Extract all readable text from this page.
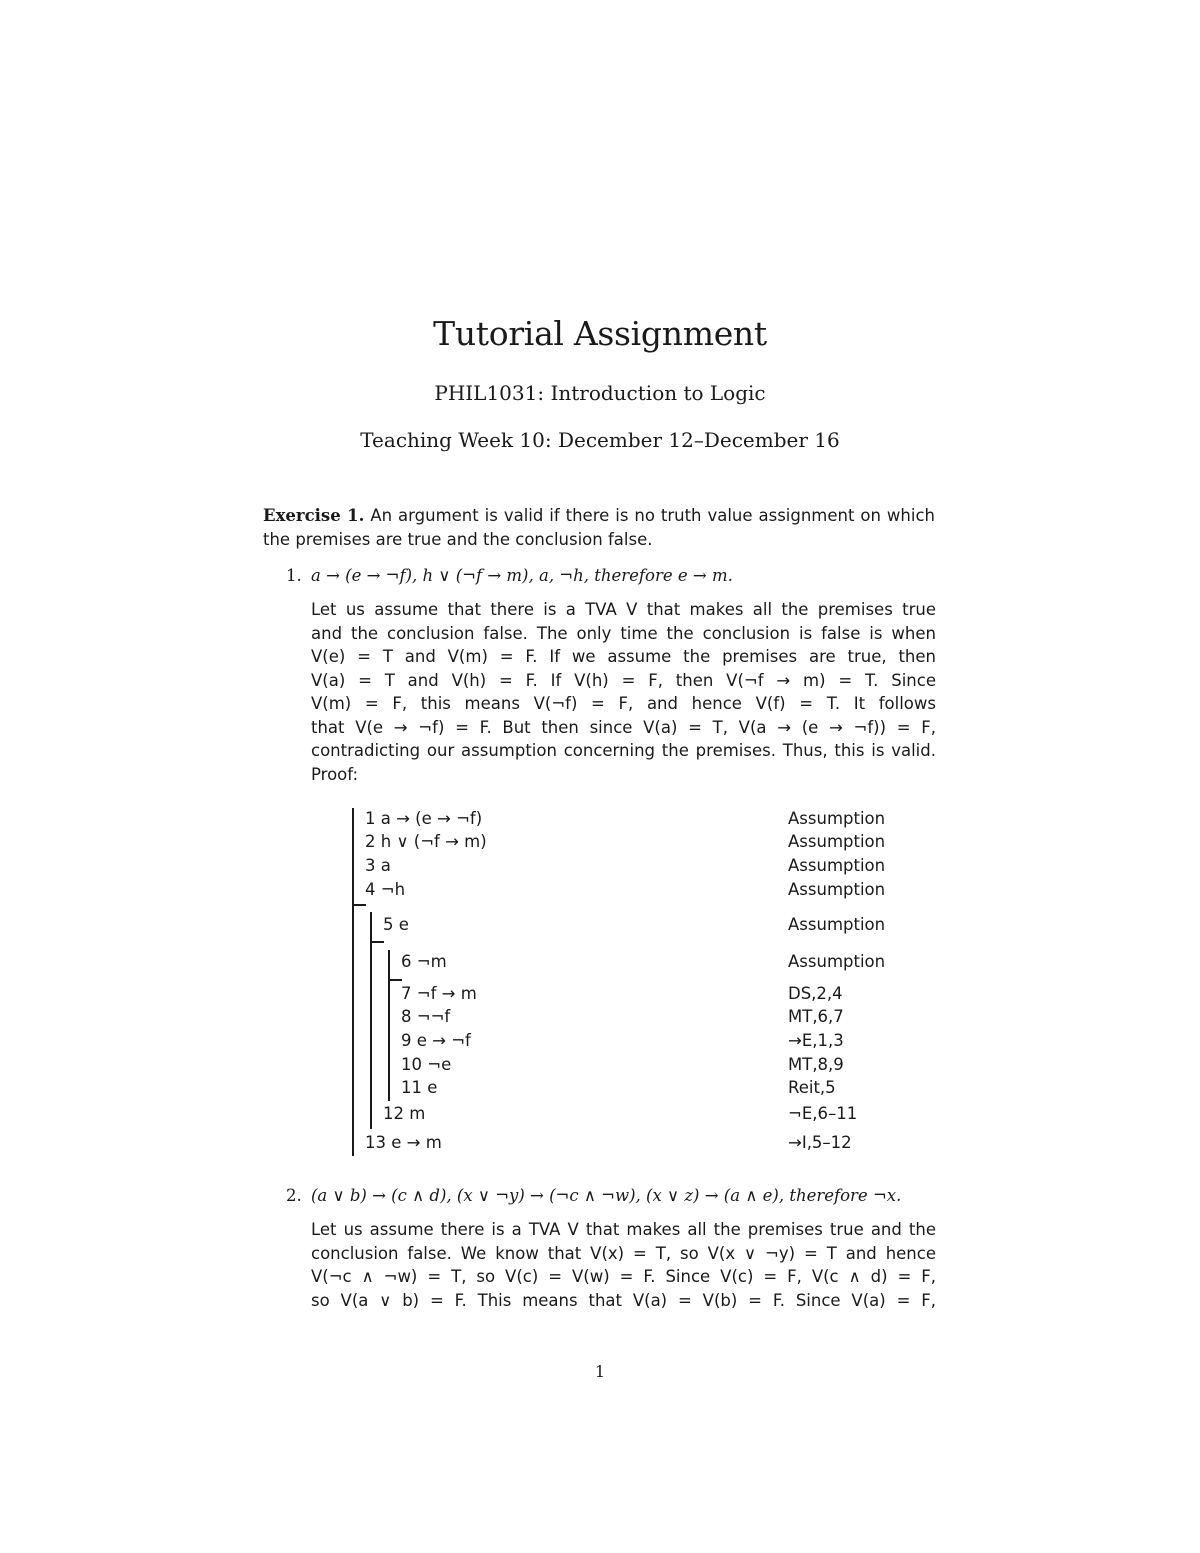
Tutorial Assignment
PHIL1031: Introduction to Logic
Teaching Week 10: December 12–December 16
Exercise 1. An argument is valid if there is no truth value assignment on which
the premises are true and the conclusion false.
1. a → (e → ¬f), h ∨ (¬f → m), a, ¬h, therefore e → m.
Let us assume that there is a TVA V that makes all the premises true
and the conclusion false. The only time the conclusion is false is when
V(e) = T and V(m) = F. If we assume the premises are true, then
V(a) = T and V(h) = F. If V(h) = F, then V(¬f → m) = T. Since
V(m) = F, this means V(¬f) = F, and hence V(f) = T. It follows
that V(e → ¬f) = F. But then since V(a) = T, V(a → (e → ¬f)) = F,
contradicting our assumption concerning the premises. Thus, this is valid.
Proof:
1 a → (e → ¬f)	Assumption
2 h ∨ (¬f → m)	Assumption
3 a	Assumption
4 ¬h	Assumption
5 e	Assumption
6 ¬m	Assumption
7 ¬f → m	DS,2,4
8 ¬¬f	MT,6,7
9 e → ¬f	→E,1,3
10 ¬e	MT,8,9
11 e	Reit,5
12 m	¬E,6–11
13 e → m	→I,5–12
2. (a ∨ b) → (c ∧ d), (x ∨ ¬y) → (¬c ∧ ¬w), (x ∨ z) → (a ∧ e), therefore ¬x.
Let us assume there is a TVA V that makes all the premises true and the
conclusion false. We know that V(x) = T, so V(x ∨ ¬y) = T and hence
V(¬c ∧ ¬w) = T, so V(c) = V(w) = F. Since V(c) = F, V(c ∧ d) = F,
so V(a ∨ b) = F. This means that V(a) = V(b) = F. Since V(a) = F,
1
